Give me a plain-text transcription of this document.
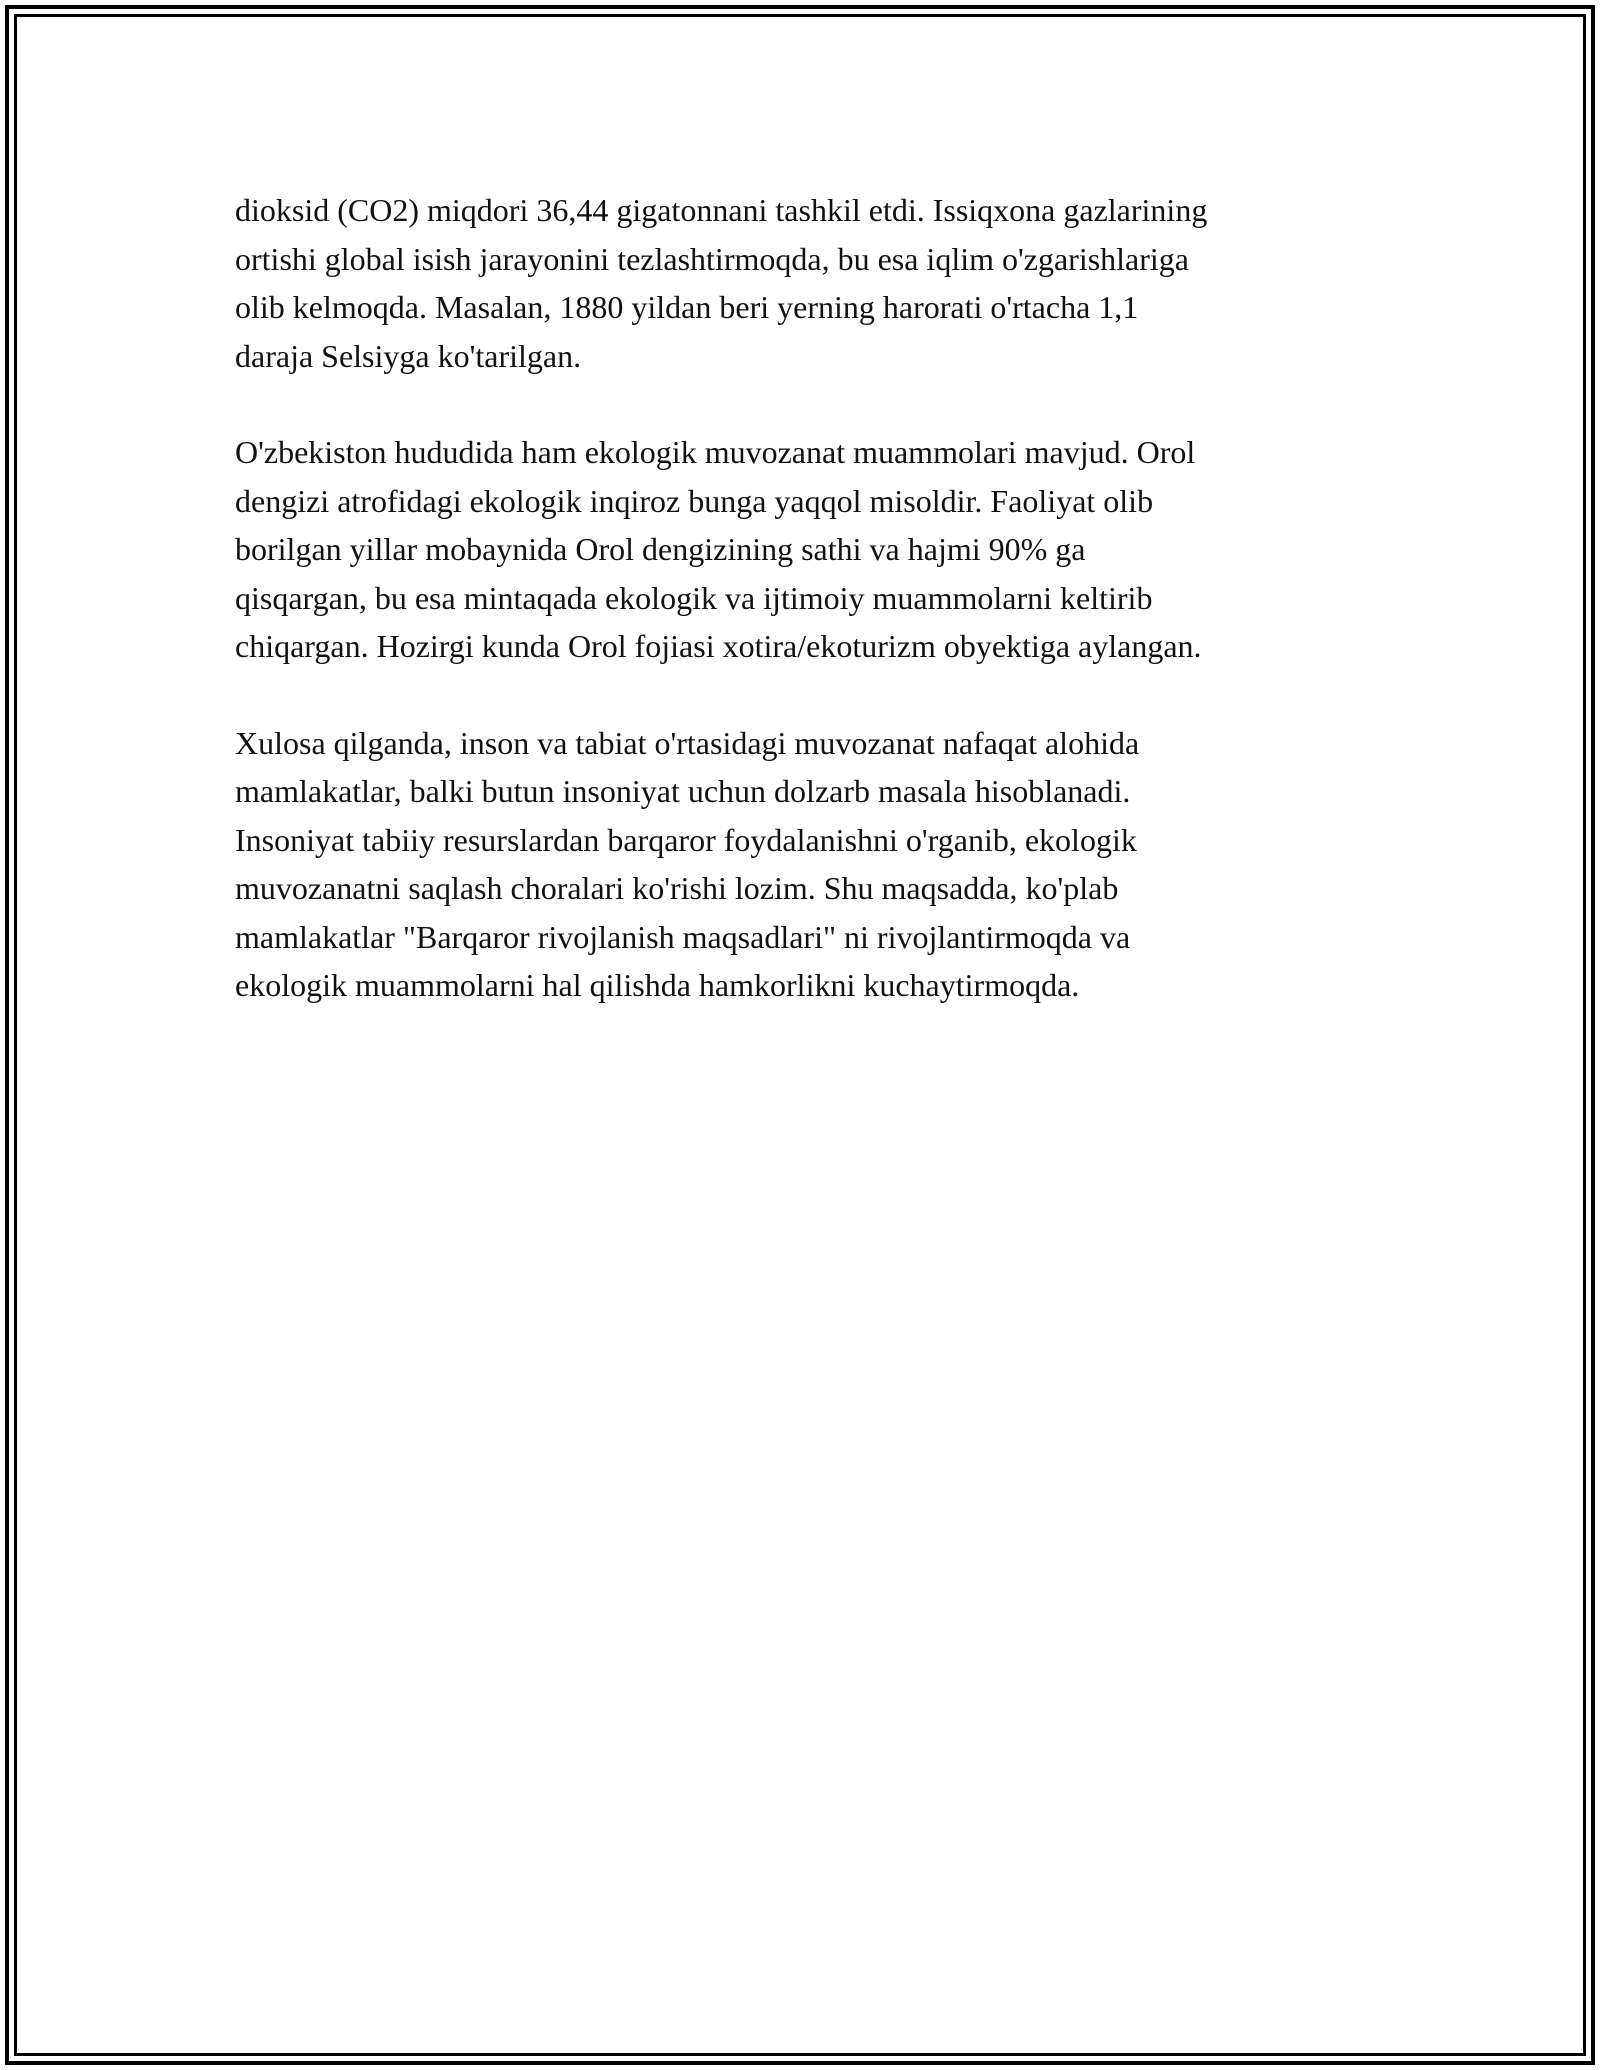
dioksid (CO2) miqdori 36,44 gigatonnani tashkil etdi. Issiqxona gazlarining
ortishi global isish jarayonini tezlashtirmoqda, bu esa iqlim o'zgarishlariga
olib kelmoqda. Masalan, 1880 yildan beri yerning harorati o'rtacha 1,1
daraja Selsiyga ko'tarilgan.

O'zbekiston hududida ham ekologik muvozanat muammolari mavjud. Orol
dengizi atrofidagi ekologik inqiroz bunga yaqqol misoldir. Faoliyat olib
borilgan yillar mobaynida Orol dengizining sathi va hajmi 90% ga
qisqargan, bu esa mintaqada ekologik va ijtimoiy muammolarni keltirib
chiqargan. Hozirgi kunda Orol fojiasi xotira/ekoturizm obyektiga aylangan.

Xulosa qilganda, inson va tabiat o'rtasidagi muvozanat nafaqat alohida
mamlakatlar, balki butun insoniyat uchun dolzarb masala hisoblanadi.
Insoniyat tabiiy resurslardan barqaror foydalanishni o'rganib, ekologik
muvozanatni saqlash choralari ko'rishi lozim. Shu maqsadda, ko'plab
mamlakatlar "Barqaror rivojlanish maqsadlari" ni rivojlantirmoqda va
ekologik muammolarni hal qilishda hamkorlikni kuchaytirmoqda.
